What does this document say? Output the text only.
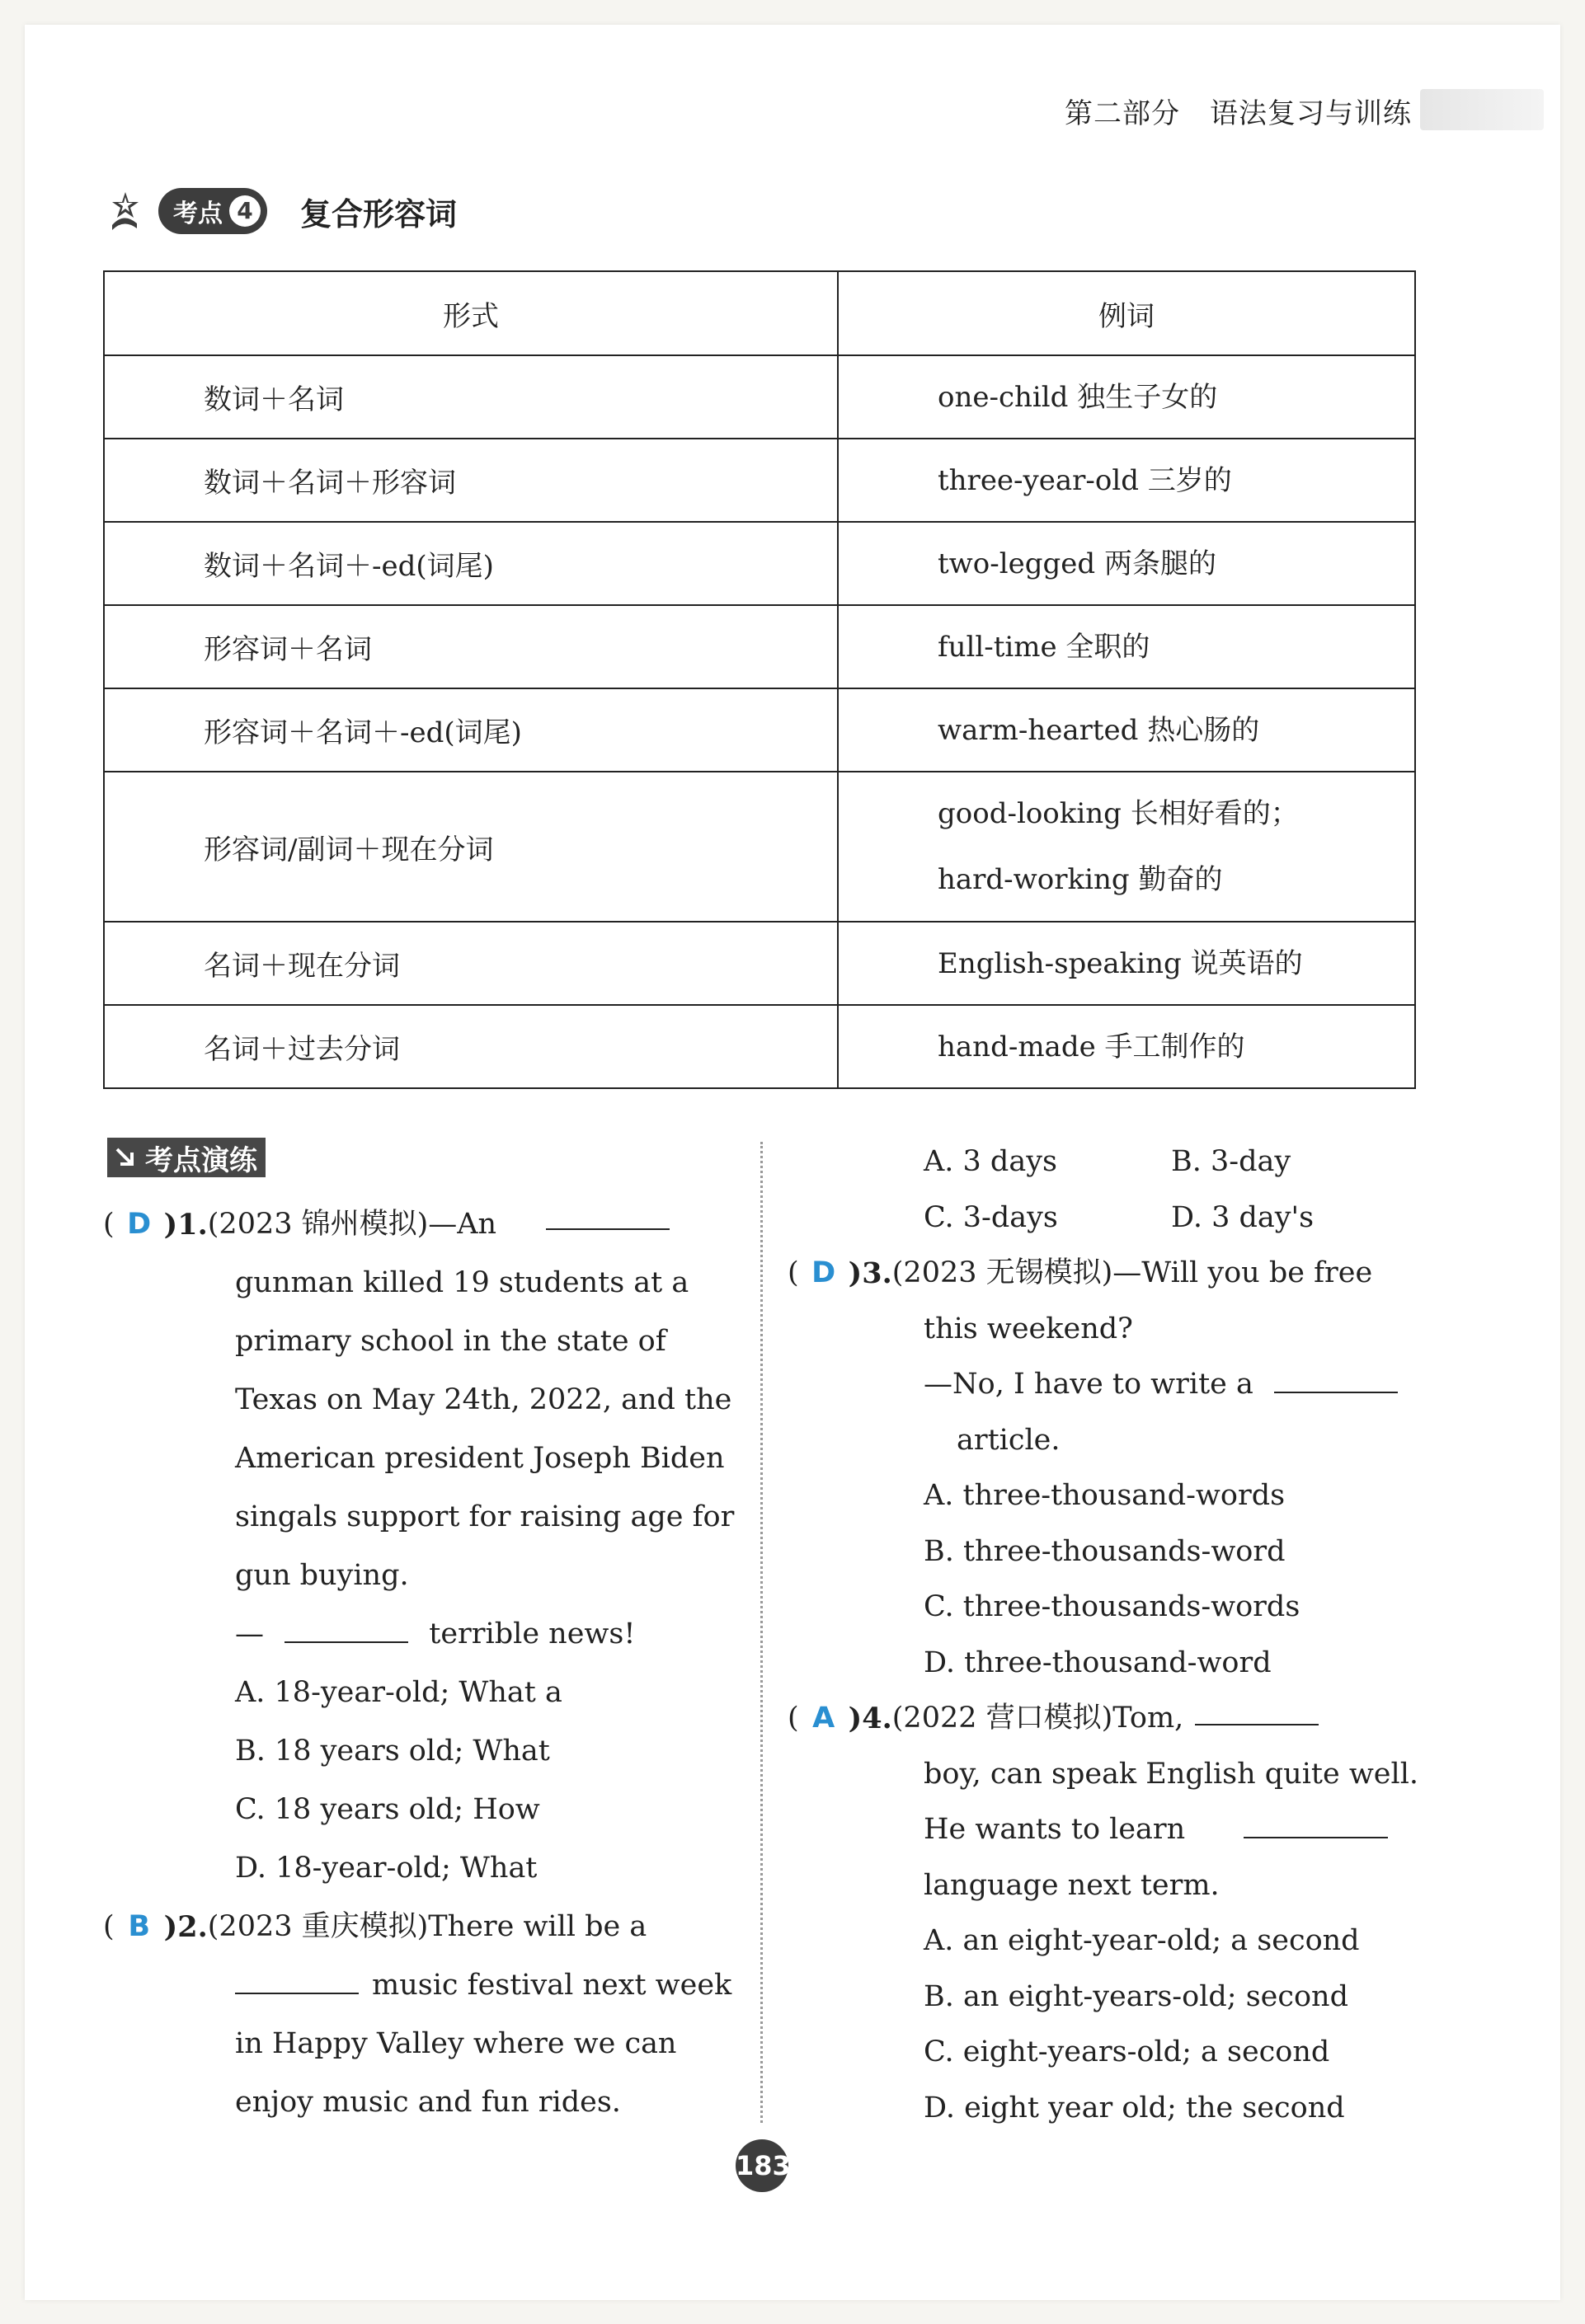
第二部分 语法复习与训练
考点 4 复合形容词
形式	例词
数词＋名词	one-child 独生子女的
数词＋名词＋形容词	three-year-old 三岁的
数词＋名词＋-ed(词尾)	two-legged 两条腿的
形容词＋名词	full-time 全职的
形容词＋名词＋-ed(词尾)	warm-hearted 热心肠的
形容词/副词＋现在分词	good-looking 长相好看的；
hard-working 勤奋的

名词＋现在分词	English-speaking 说英语的
名词＋过去分词	hand-made 手工制作的
考点演练
( D )1. (2023 锦州模拟)—An
gunman killed 19 students at a
primary school in the state of
Texas on May 24th, 2022, and the
American president Joseph Biden
singals support for raising age for
gun buying.
—	terrible news!
A. 18-year-old; What a
B. 18 years old; What
C. 18 years old; How
D. 18-year-old; What
( B )2. (2023 重庆模拟)There will be a
music festival next week
in Happy Valley where we can
enjoy music and fun rides.
A. 3 days	B. 3-day
C. 3-days	D. 3 day's
( D )3. (2023 无锡模拟)—Will you be free
this weekend?
—No, I have to write a
article.
A. three-thousand-words
B. three-thousands-word
C. three-thousands-words
D. three-thousand-word
( A )4. (2022 营口模拟)Tom,
boy, can speak English quite well.
He wants to learn
language next term.
A. an eight-year-old; a second
B. an eight-years-old; second
C. eight-years-old; a second
D. eight year old; the second
183
